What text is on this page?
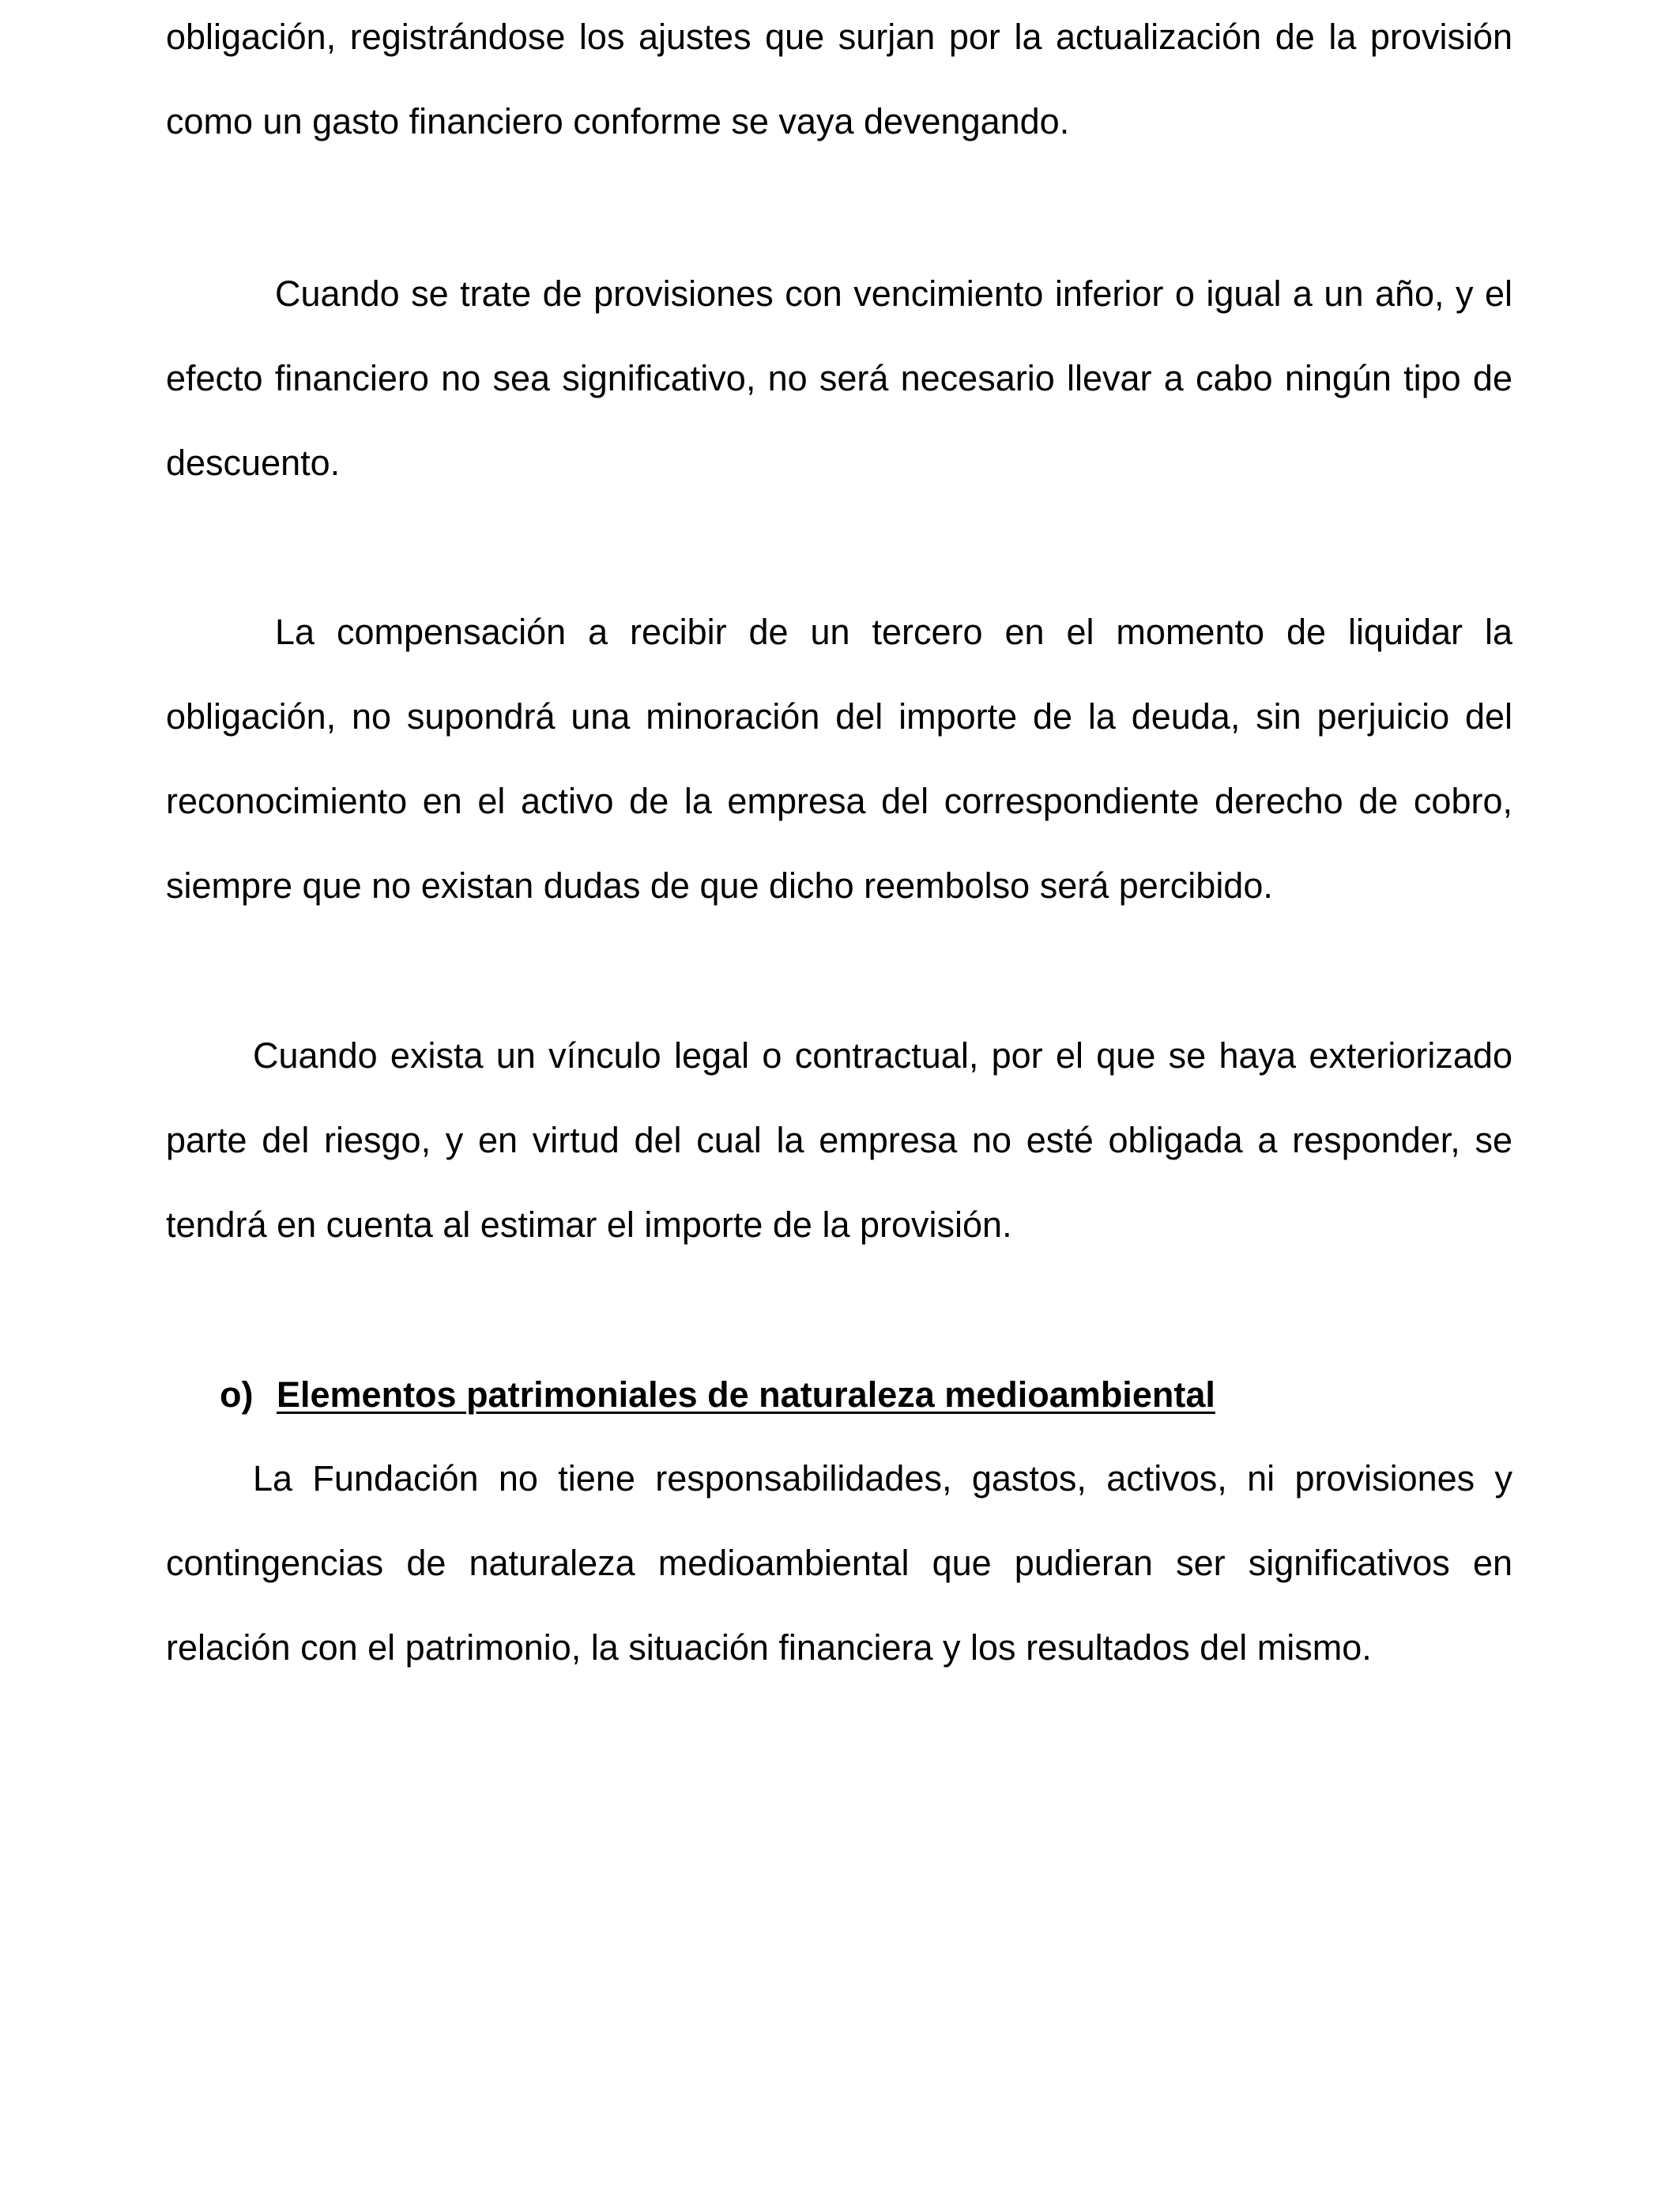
obligación, registrándose los ajustes que surjan por la actualización de la provisión como un gasto financiero conforme se vaya devengando.

Cuando se trate de provisiones con vencimiento inferior o igual a un año, y el efecto financiero no sea significativo, no será necesario llevar a cabo ningún tipo de descuento.

La compensación a recibir de un tercero en el momento de liquidar la obligación, no supondrá una minoración del importe de la deuda, sin perjuicio del reconocimiento en el activo de la empresa del correspondiente derecho de cobro, siempre que no existan dudas de que dicho reembolso será percibido.

Cuando exista un vínculo legal o contractual, por el que se haya exteriorizado parte del riesgo, y en virtud del cual la empresa no esté obligada a responder, se tendrá en cuenta al estimar el importe de la provisión.

o) Elementos patrimoniales de naturaleza medioambiental

La Fundación no tiene responsabilidades, gastos, activos, ni provisiones y contingencias de naturaleza medioambiental que pudieran ser significativos en relación con el patrimonio, la situación financiera y los resultados del mismo.
